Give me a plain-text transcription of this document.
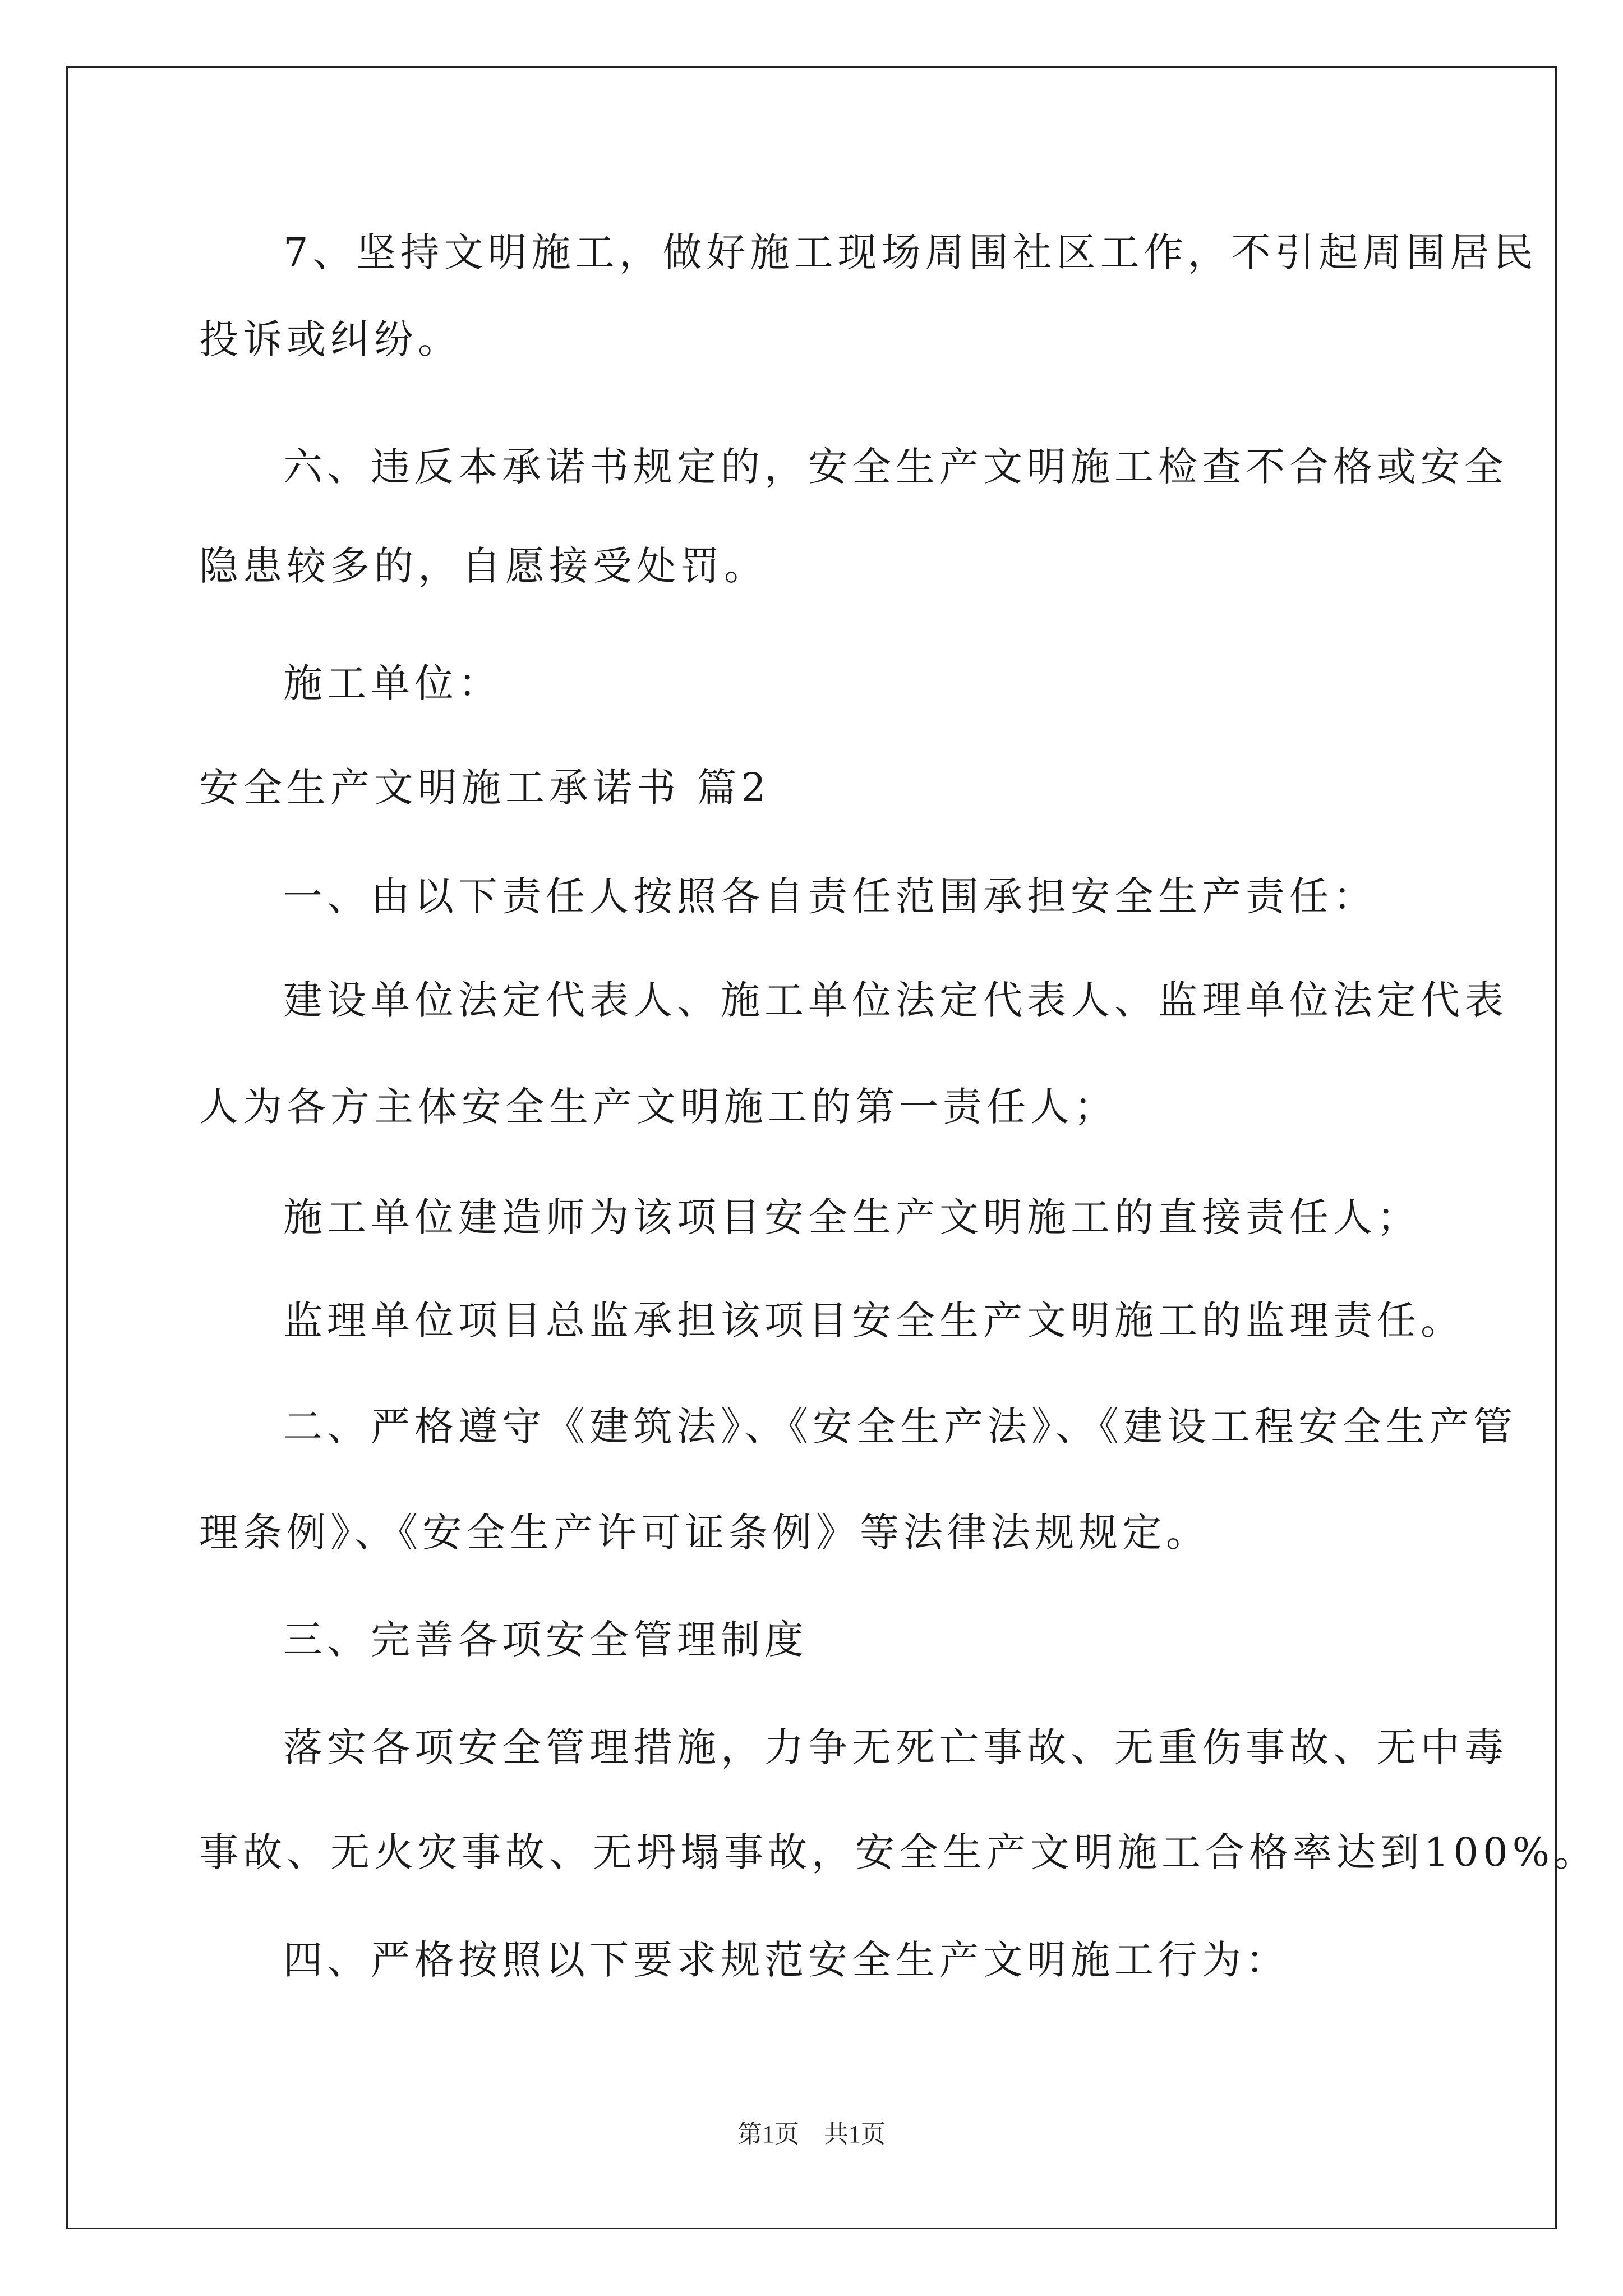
7、坚持文明施工，做好施工现场周围社区工作，不引起周围居民
投诉或纠纷。
六、违反本承诺书规定的，安全生产文明施工检查不合格或安全
隐患较多的，自愿接受处罚。
施工单位：
安全生产文明施工承诺书 篇2
一、由以下责任人按照各自责任范围承担安全生产责任：
建设单位法定代表人、施工单位法定代表人、监理单位法定代表
人为各方主体安全生产文明施工的第一责任人；
施工单位建造师为该项目安全生产文明施工的直接责任人；
监理单位项目总监承担该项目安全生产文明施工的监理责任。
二、严格遵守《建筑法》、《安全生产法》、《建设工程安全生产管
理条例》、《安全生产许可证条例》等法律法规规定。
三、完善各项安全管理制度
落实各项安全管理措施，力争无死亡事故、无重伤事故、无中毒
事故、无火灾事故、无坍塌事故，安全生产文明施工合格率达到100%。
四、严格按照以下要求规范安全生产文明施工行为：
第1页　共1页
